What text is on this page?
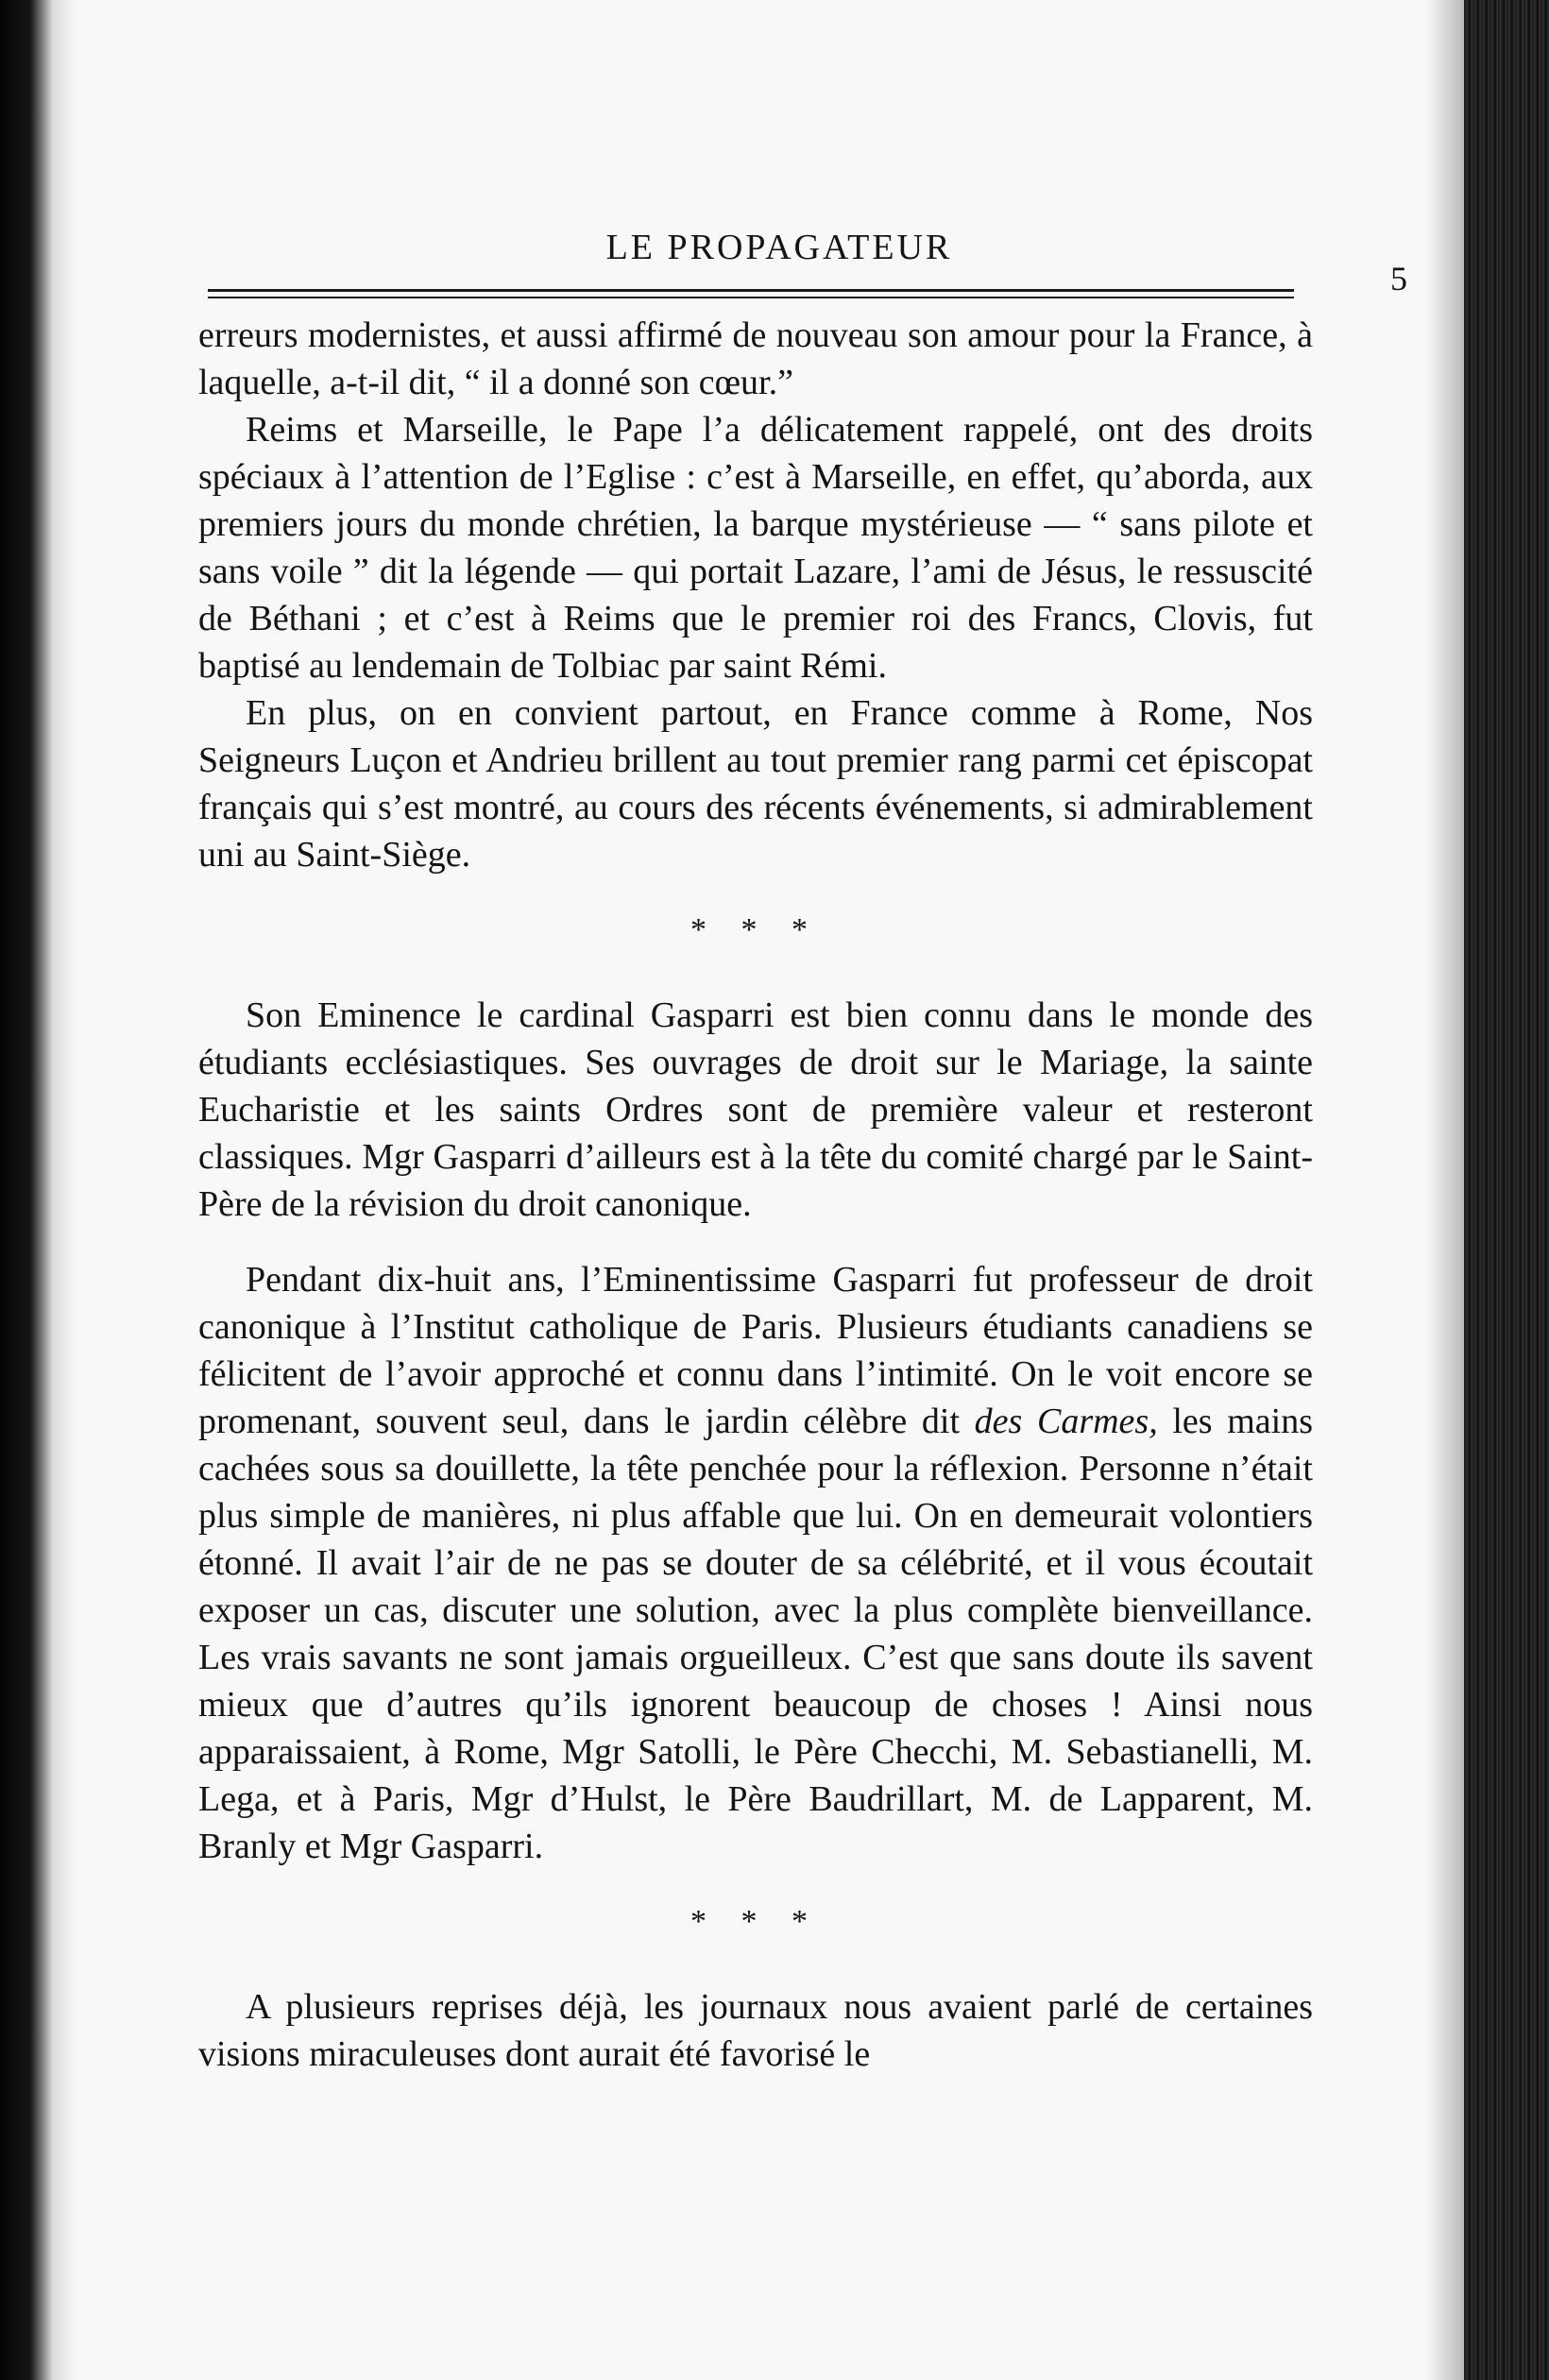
LE PROPAGATEUR
5

erreurs modernistes, et aussi affirmé de nouveau son amour pour la France, à laquelle, a-t-il dit, “ il a donné son cœur.”

Reims et Marseille, le Pape l’a délicatement rappelé, ont des droits spéciaux à l’attention de l’Eglise : c’est à Marseille, en effet, qu’aborda, aux premiers jours du monde chrétien, la barque mystérieuse — “ sans pilote et sans voile ” dit la légende — qui portait Lazare, l’ami de Jésus, le ressuscité de Béthani ; et c’est à Reims que le premier roi des Francs, Clovis, fut baptisé au lendemain de Tolbiac par saint Rémi.

En plus, on en convient partout, en France comme à Rome, Nos Seigneurs Luçon et Andrieu brillent au tout premier rang parmi cet épiscopat français qui s’est montré, au cours des récents événements, si admirablement uni au Saint-Siège.

* * *

Son Eminence le cardinal Gasparri est bien connu dans le monde des étudiants ecclésiastiques. Ses ouvrages de droit sur le Mariage, la sainte Eucharistie et les saints Ordres sont de première valeur et resteront classiques. Mgr Gasparri d’ailleurs est à la tête du comité chargé par le Saint-Père de la révision du droit canonique.

Pendant dix-huit ans, l’Eminentissime Gasparri fut professeur de droit canonique à l’Institut catholique de Paris. Plusieurs étudiants canadiens se félicitent de l’avoir approché et connu dans l’intimité. On le voit encore se promenant, souvent seul, dans le jardin célèbre dit des Carmes, les mains cachées sous sa douillette, la tête penchée pour la réflexion. Personne n’était plus simple de manières, ni plus affable que lui. On en demeurait volontiers étonné. Il avait l’air de ne pas se douter de sa célébrité, et il vous écoutait exposer un cas, discuter une solution, avec la plus complète bienveillance. Les vrais savants ne sont jamais orgueilleux. C’est que sans doute ils savent mieux que d’autres qu’ils ignorent beaucoup de choses ! Ainsi nous apparaissaient, à Rome, Mgr Satolli, le Père Checchi, M. Sebastianelli, M. Lega, et à Paris, Mgr d’Hulst, le Père Baudrillart, M. de Lapparent, M. Branly et Mgr Gasparri.

* * *

A plusieurs reprises déjà, les journaux nous avaient parlé de certaines visions miraculeuses dont aurait été favorisé le
